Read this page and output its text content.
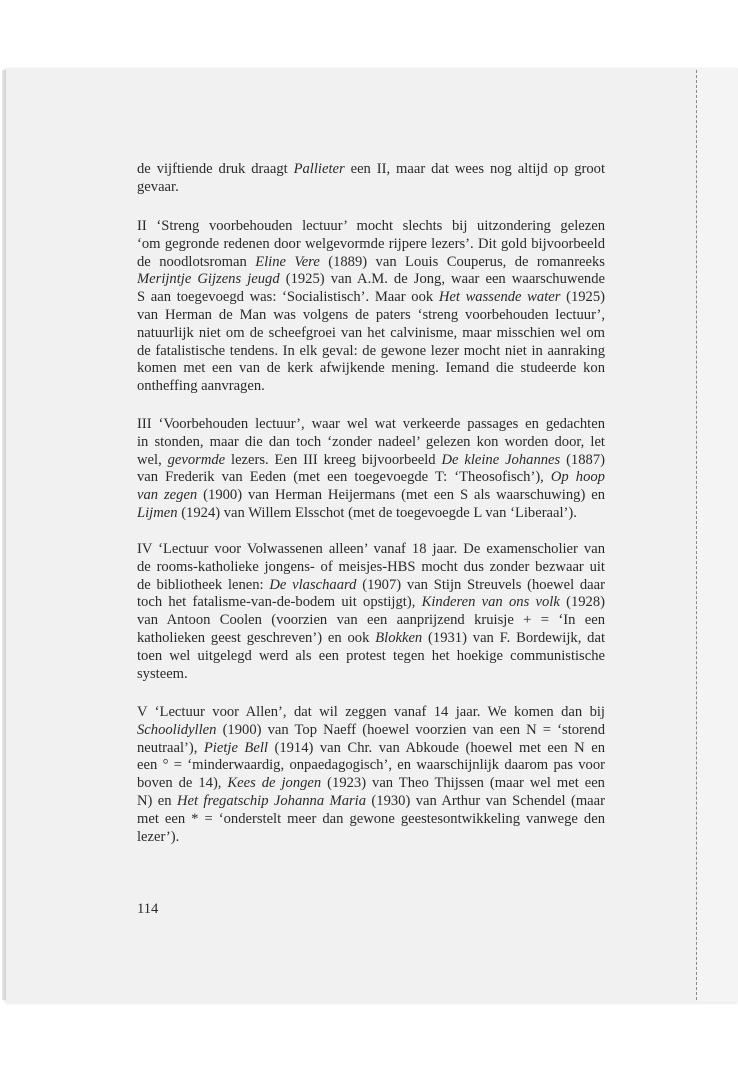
de vijftiende druk draagt Pallieter een II, maar dat wees nog altijd op groot
gevaar.
II ‘Streng voorbehouden lectuur’ mocht slechts bij uitzondering gelezen
‘om gegronde redenen door welgevormde rijpere lezers’. Dit gold bijvoorbeeld
de noodlotsroman Eline Vere (1889) van Louis Couperus, de romanreeks
Merijntje Gijzens jeugd (1925) van A.M. de Jong, waar een waarschuwende
S aan toegevoegd was: ‘Socialistisch’. Maar ook Het wassende water (1925)
van Herman de Man was volgens de paters ‘streng voorbehouden lectuur’,
natuurlijk niet om de scheefgroei van het calvinisme, maar misschien wel om
de fatalistische tendens. In elk geval: de gewone lezer mocht niet in aanraking
komen met een van de kerk afwijkende mening. Iemand die studeerde kon
ontheffing aanvragen.
III ‘Voorbehouden lectuur’, waar wel wat verkeerde passages en gedachten
in stonden, maar die dan toch ‘zonder nadeel’ gelezen kon worden door, let
wel, gevormde lezers. Een III kreeg bijvoorbeeld De kleine Johannes (1887)
van Frederik van Eeden (met een toegevoegde T: ‘Theosofisch’), Op hoop
van zegen (1900) van Herman Heijermans (met een S als waarschuwing) en
Lijmen (1924) van Willem Elsschot (met de toegevoegde L van ‘Liberaal’).
IV ‘Lectuur voor Volwassenen alleen’ vanaf 18 jaar. De examenscholier van
de rooms-katholieke jongens- of meisjes-HBS mocht dus zonder bezwaar uit
de bibliotheek lenen: De vlaschaard (1907) van Stijn Streuvels (hoewel daar
toch het fatalisme-van-de-bodem uit opstijgt), Kinderen van ons volk (1928)
van Antoon Coolen (voorzien van een aanprijzend kruisje + = ‘In een
katholieken geest geschreven’) en ook Blokken (1931) van F. Bordewijk, dat
toen wel uitgelegd werd als een protest tegen het hoekige communistische
systeem.
V ‘Lectuur voor Allen’, dat wil zeggen vanaf 14 jaar. We komen dan bij
Schoolidyllen (1900) van Top Naeff (hoewel voorzien van een N = ‘storend
neutraal’), Pietje Bell (1914) van Chr. van Abkoude (hoewel met een N en
een ° = ‘minderwaardig, onpaedagogisch’, en waarschijnlijk daarom pas voor
boven de 14), Kees de jongen (1923) van Theo Thijssen (maar wel met een
N) en Het fregatschip Johanna Maria (1930) van Arthur van Schendel (maar
met een * = ‘onderstelt meer dan gewone geestesontwikkeling vanwege den
lezer’).
114
